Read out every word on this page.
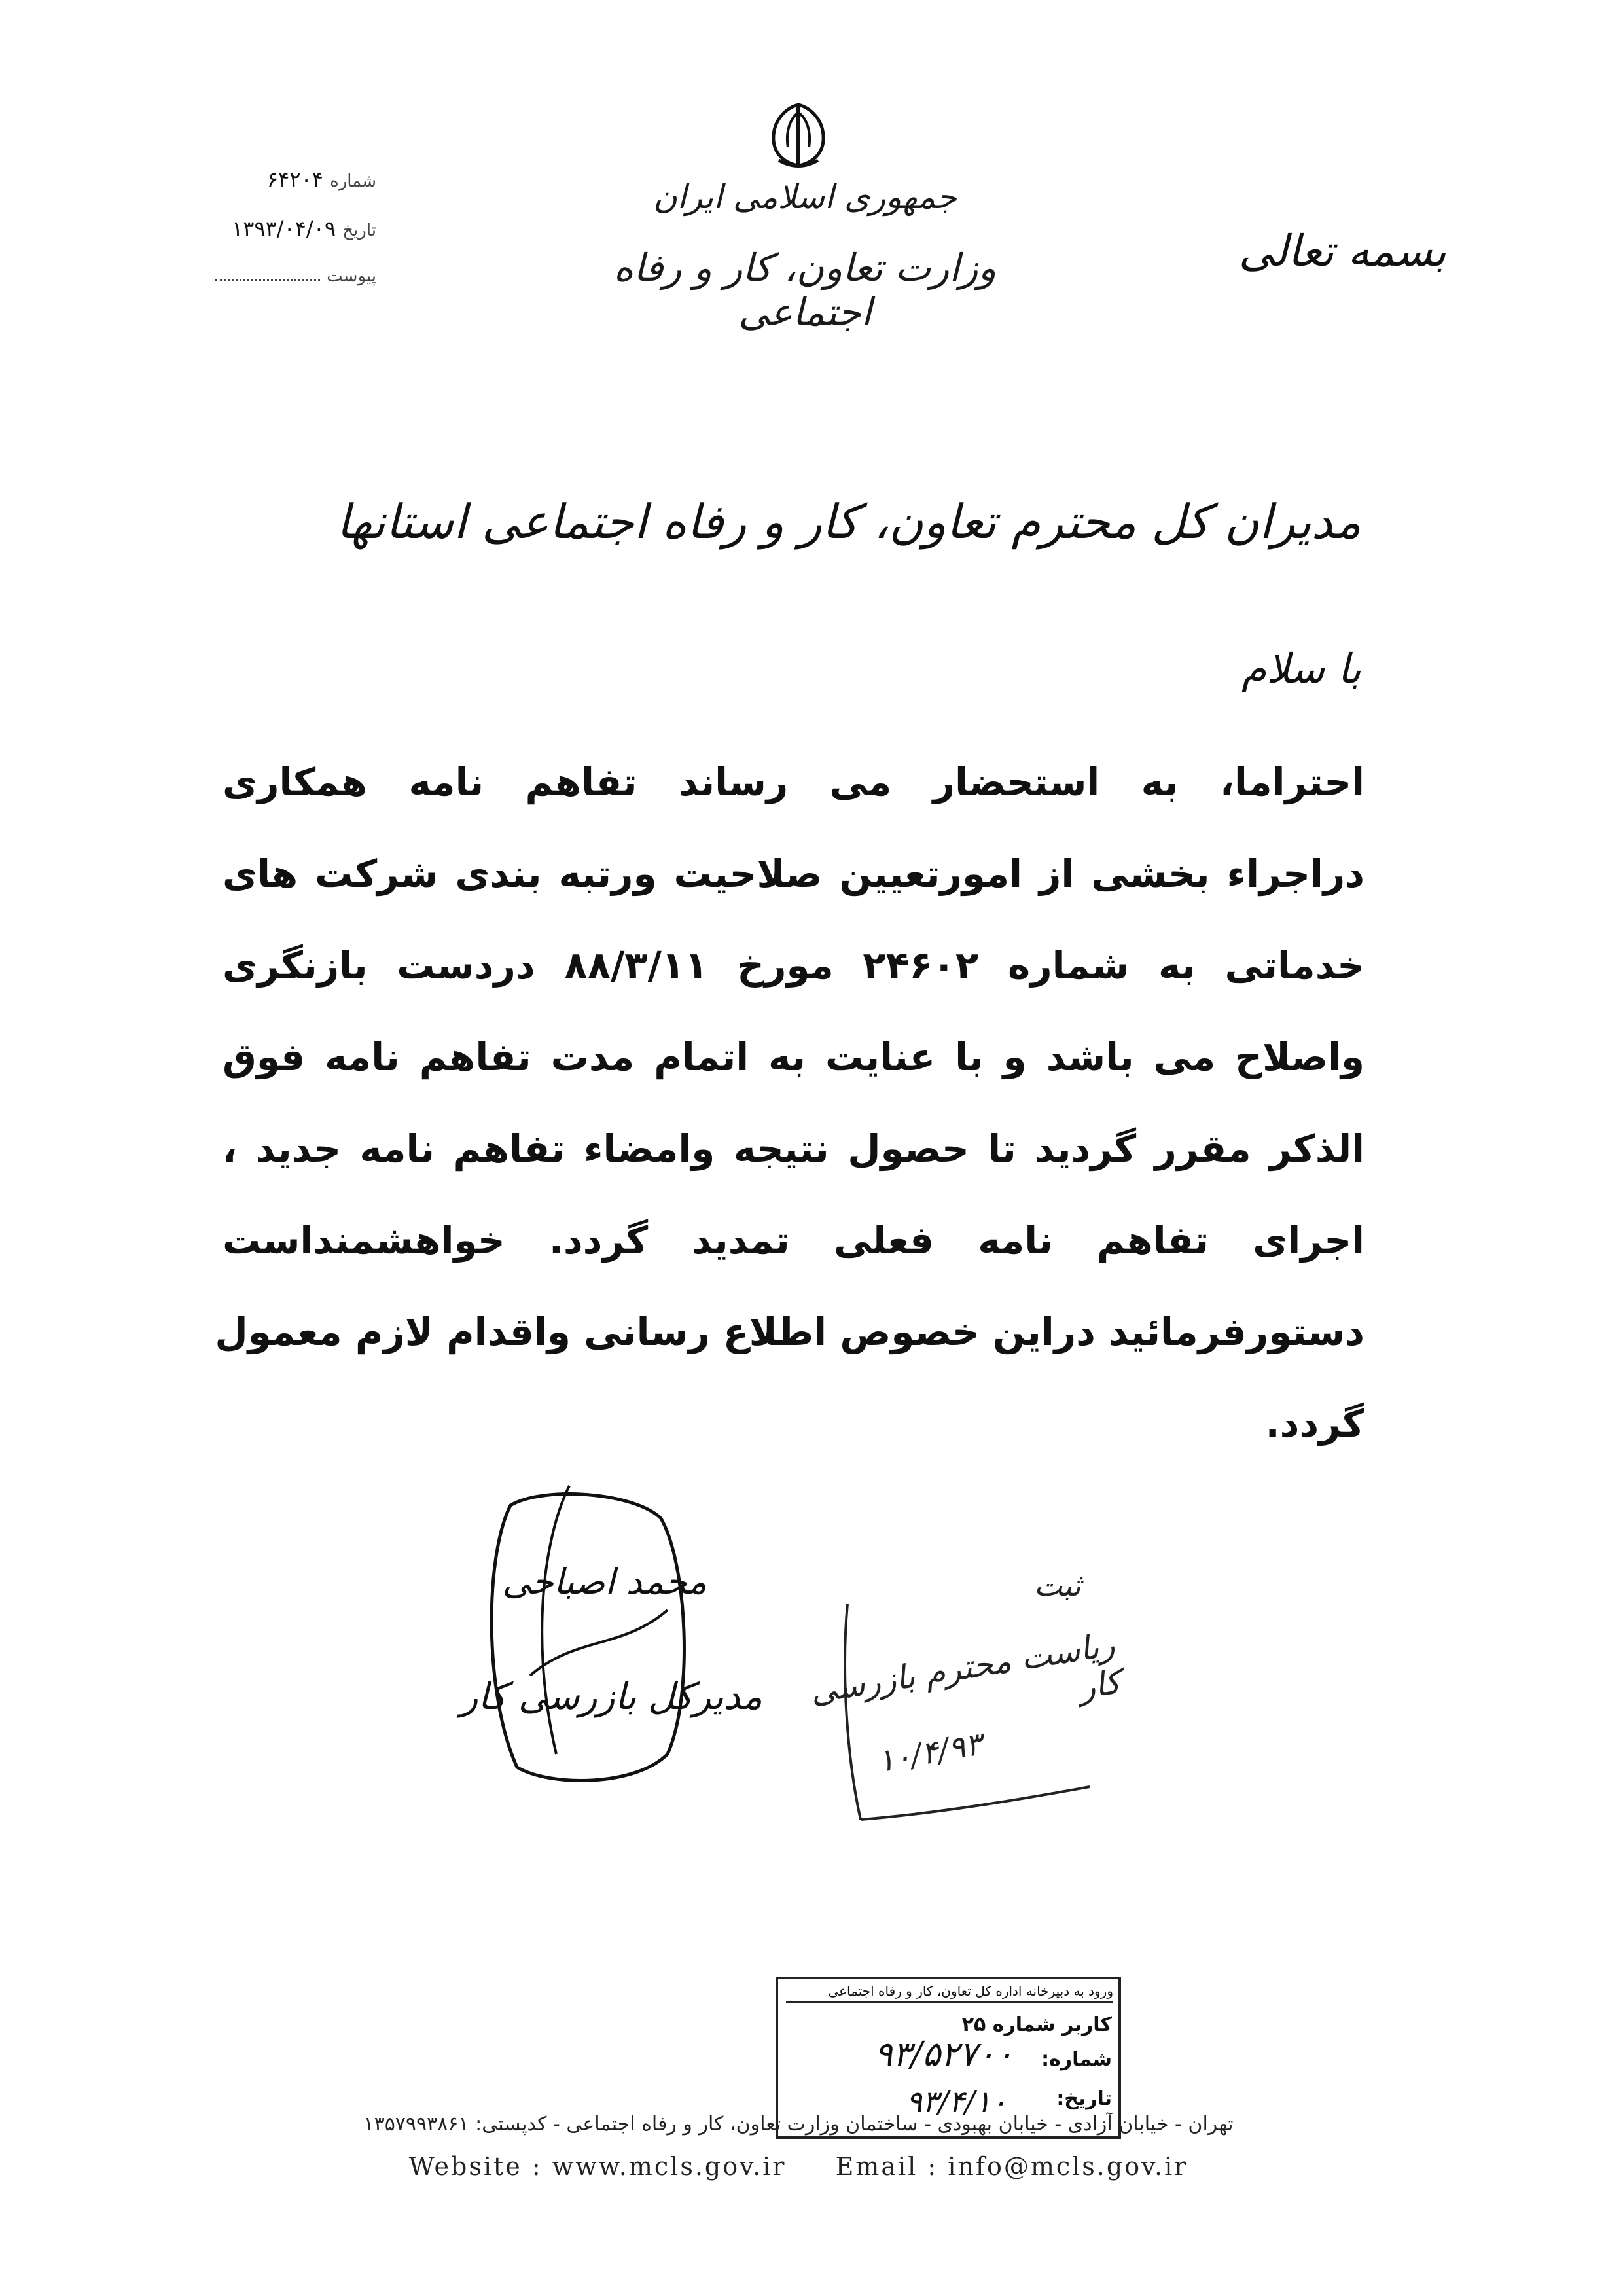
جمهوری اسلامی ایران
وزارت تعاون، کار و رفاه اجتماعی
بسمه تعالی
شماره ۶۴۲۰۴
تاریخ ۱۳۹۳/۰۴/۰۹
پیوست
مدیران کل محترم تعاون، کار و رفاه اجتماعی استانها
با سلام
احتراما، به استحضار می رساند تفاهم نامه همکاری
دراجراء بخشی از امورتعیین صلاحیت ورتبه بندی شرکت های
خدماتی به شماره ۲۴۶۰۲ مورخ ۸۸/۳/۱۱ دردست بازنگری
واصلاح می باشد و با عنایت به اتمام مدت تفاهم نامه فوق
الذکر مقرر گردید تا حصول نتیجه وامضاء تفاهم نامه جدید ،
اجرای تفاهم نامه فعلی تمدید گردد. خواهشمنداست
دستورفرمائید دراین خصوص اطلاع رسانی واقدام لازم معمول
گردد.
محمد اصباحی
مدیرکل بازرسی کار
ثبت
ریاست محترم بازرسی کار
۱۰/۴/۹۳
ورود به دبیرخانه اداره کل تعاون، کار و رفاه اجتماعی
کاربر شماره ۲۵
شماره:
تاریخ:
۹۳/۵۲۷۰۰
۹۳/۴/۱۰
تهران - خیابان آزادی - خیابان بهبودی - ساختمان وزارت تعاون، کار و رفاه اجتماعی - کدپستی: ۱۳۵۷۹۹۳۸۶۱
Website : www.mcls.gov.ir Email : info@mcls.gov.ir
